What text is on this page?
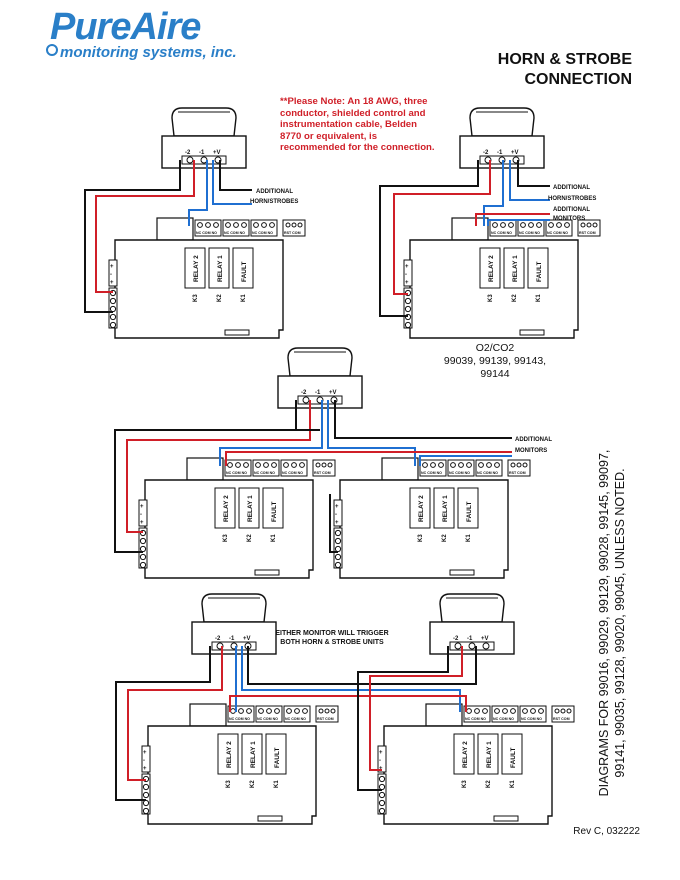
-2 -1 +V
NC COM NO NC COM NO NC COM NO	RST COM
RELAY 2
K3
RELAY 1
K2
FAULT
K1
+
-
+
ADDITIONAL
HORN/STROBES
-2 -1 +V
NC COM NO NC COM NO NC COM NO	RST COM
RELAY 2
K3
RELAY 1
K2
FAULT
K1
+
-
+
ADDITIONAL
HORN/STROBES
ADDITIONAL
MONITORS
-2 -1 +V
NC COM NO NC COM NO NC COM NO	RST COM
RELAY 2
K3
RELAY 1
K2
FAULT
K1
+
-
+
NC COM NO NC COM NO NC COM NO	RST COM
RELAY 2
K3
RELAY 1
K2
FAULT
K1
+
-
+
ADDITIONAL
MONITORS
-2 -1 +V	-2 -1 +V
NC COM NO NC COM NO NC COM NO	RST COM
RELAY 2
K3
RELAY 1
K2
FAULT
K1
+
-
+
NC COM NO NC COM NO NC COM NO	RST COM
RELAY 2
K3
RELAY 1
K2
FAULT
K1
+
-
+
PureAire
monitoring systems, inc.	HORN & STROBE
CONNECTION
**Please Note: An 18 AWG, three conductor, shielded control and instrumentation cable, Belden 8770 or equivalent, is recommended for the connection.
O2/CO2
99039, 99139, 99143, 99144
EITHER MONITOR WILL TRIGGER
BOTH HORN & STROBE UNITS	DIAGRAMS FOR 99016, 99029, 99129, 99028, 99145, 99097, 99141, 99035, 99128, 99020, 99045, UNLESS NOTED.
Rev C, 032222
